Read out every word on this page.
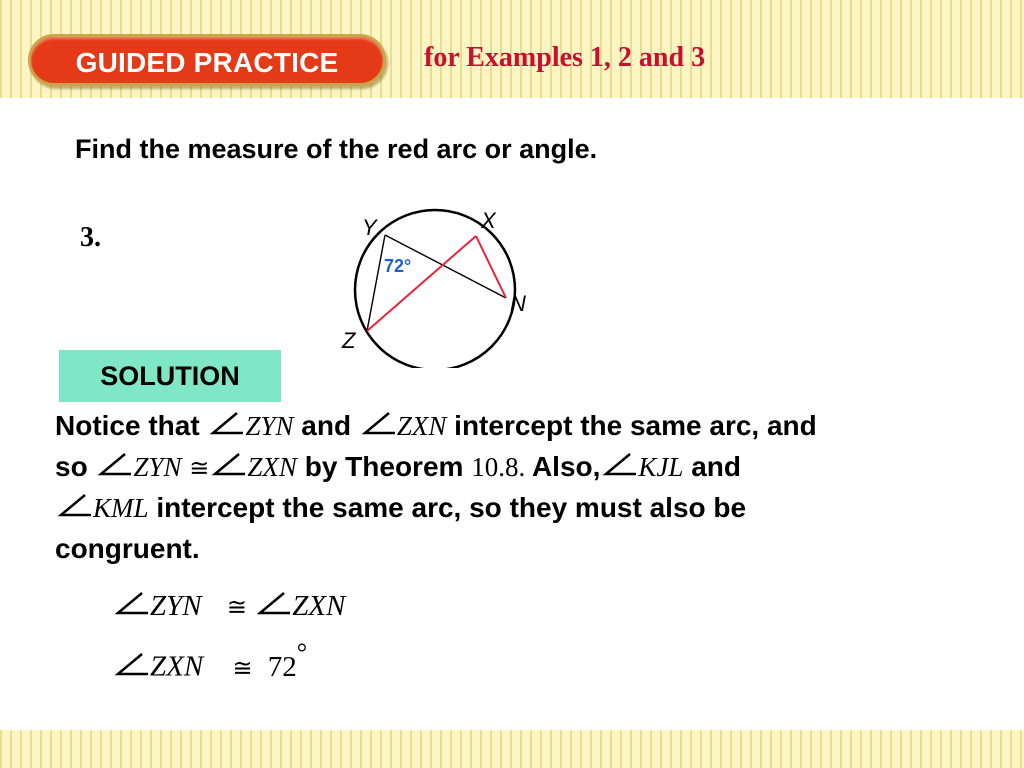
GUIDED PRACTICE	for Examples 1, 2 and 3
Find the measure of the red arc or angle.
3.	Y	X
N
Z
72°
SOLUTION
Notice that ZYN and ZXN intercept the same arc, and
so ZYN ≅ ZXN by Theorem 10.8. Also, KJL and
KML intercept the same arc, so they must also be
congruent.
ZYN ≅ ZXN
ZXN ≅ 72°
